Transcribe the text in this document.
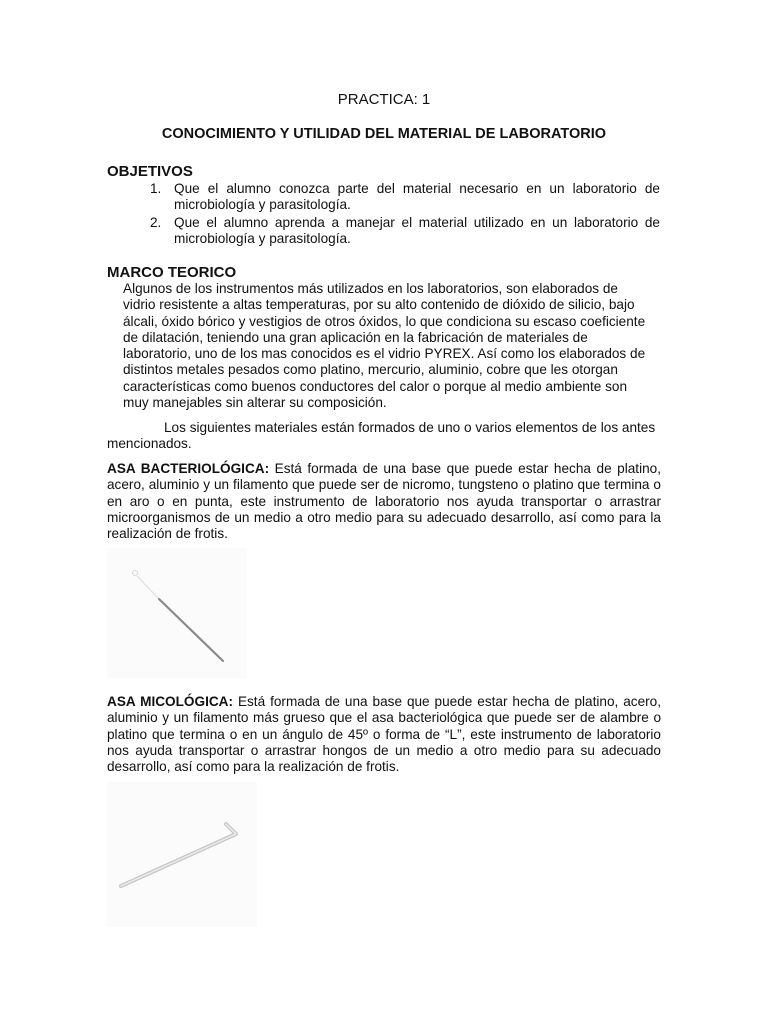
PRACTICA: 1
CONOCIMIENTO Y UTILIDAD DEL MATERIAL DE LABORATORIO
OBJETIVOS
1. Que el alumno conozca parte del material necesario en un laboratorio de microbiología y parasitología.
2. Que el alumno aprenda a manejar el material utilizado en un laboratorio de microbiología y parasitología.
MARCO TEORICO
Algunos de los instrumentos más utilizados en los laboratorios, son elaborados de
vidrio resistente a altas temperaturas, por su alto contenido de dióxido de silicio, bajo
álcali, óxido bórico y vestigios de otros óxidos, lo que condiciona su escaso coeficiente
de dilatación, teniendo una gran aplicación en la fabricación de materiales de
laboratorio, uno de los mas conocidos es el vidrio PYREX. Así como los elaborados de
distintos metales pesados como platino, mercurio, aluminio, cobre que les otorgan
características como buenos conductores del calor o porque al medio ambiente son
muy manejables sin alterar su composición.
Los siguientes materiales están formados de uno o varios elementos de los antes mencionados.
ASA BACTERIOLÓGICA: Está formada de una base que puede estar hecha de platino, acero, aluminio y un filamento que puede ser de nicromo, tungsteno o platino que termina o en aro o en punta, este instrumento de laboratorio nos ayuda transportar o arrastrar microorganismos de un medio a otro medio para su adecuado desarrollo, así como para la realización de frotis.
ASA MICOLÓGICA: Está formada de una base que puede estar hecha de platino, acero, aluminio y un filamento más grueso que el asa bacteriológica que puede ser de alambre o platino que termina o en un ángulo de 45º o forma de “L”, este instrumento de laboratorio nos ayuda transportar o arrastrar hongos de un medio a otro medio para su adecuado desarrollo, así como para la realización de frotis.
